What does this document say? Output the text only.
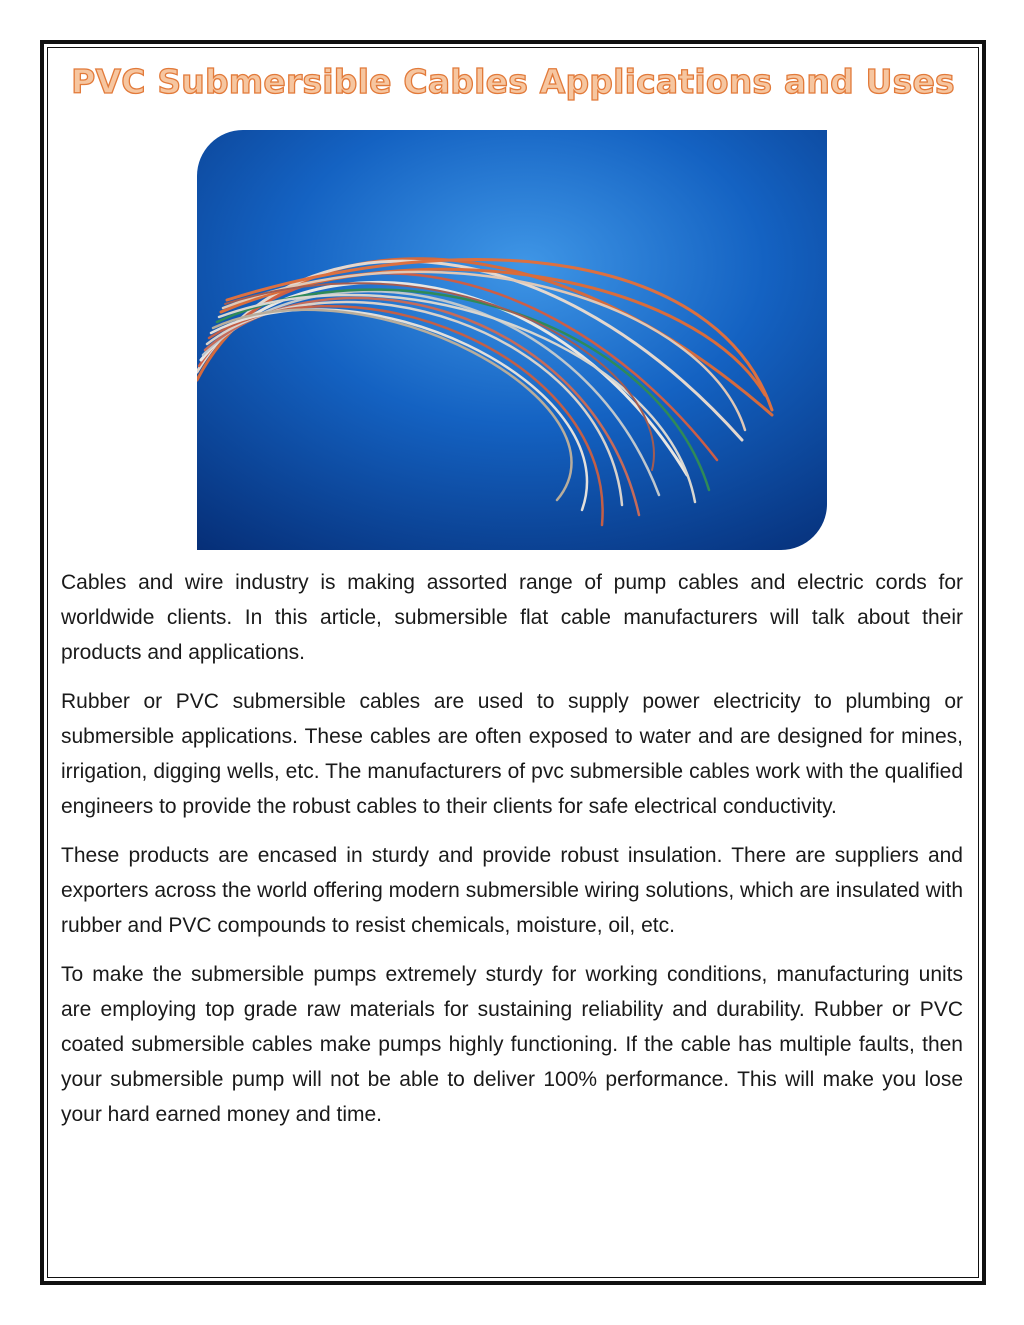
PVC Submersible Cables Applications and Uses

Cables and wire industry is making assorted range of pump cables and electric cords for worldwide clients. In this article, submersible flat cable manufacturers will talk about their products and applications.

Rubber or PVC submersible cables are used to supply power electricity to plumbing or submersible applications. These cables are often exposed to water and are designed for mines, irrigation, digging wells, etc. The manufacturers of pvc submersible cables work with the qualified engineers to provide the robust cables to their clients for safe electrical conductivity.

These products are encased in sturdy and provide robust insulation. There are suppliers and exporters across the world offering modern submersible wiring solutions, which are insulated with rubber and PVC compounds to resist chemicals, moisture, oil, etc.

To make the submersible pumps extremely sturdy for working conditions, manufacturing units are employing top grade raw materials for sustaining reliability and durability. Rubber or PVC coated submersible cables make pumps highly functioning. If the cable has multiple faults, then your submersible pump will not be able to deliver 100% performance. This will make you lose your hard earned money and time.
